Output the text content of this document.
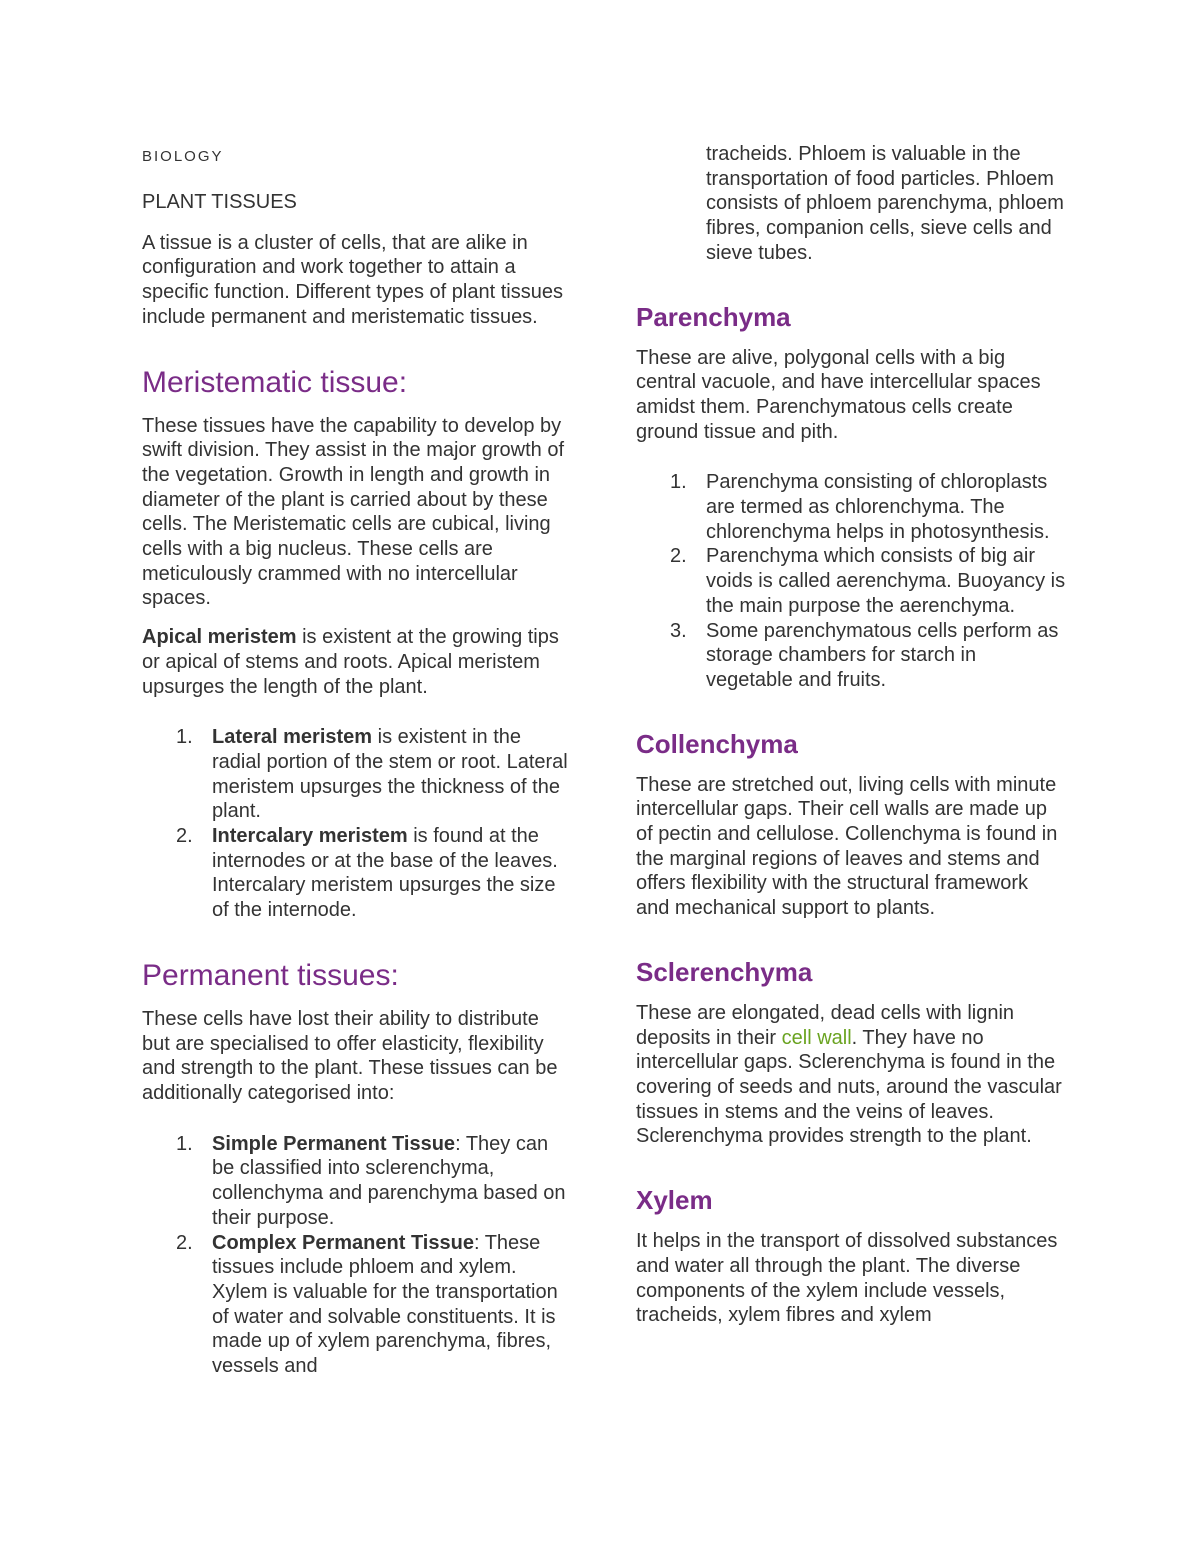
BIOLOGY

PLANT TISSUES

A tissue is a cluster of cells, that are alike in configuration and work together to attain a specific function. Different types of plant tissues include permanent and meristematic tissues.

Meristematic tissue:

These tissues have the capability to develop by swift division. They assist in the major growth of the vegetation. Growth in length and growth in diameter of the plant is carried about by these cells. The Meristematic cells are cubical, living cells with a big nucleus. These cells are meticulously crammed with no intercellular spaces.

Apical meristem is existent at the growing tips or apical of stems and roots. Apical meristem upsurges the length of the plant.

1. Lateral meristem is existent in the radial portion of the stem or root. Lateral meristem upsurges the thickness of the plant.
2. Intercalary meristem is found at the internodes or at the base of the leaves. Intercalary meristem upsurges the size of the internode.
Permanent tissues:

These cells have lost their ability to distribute but are specialised to offer elasticity, flexibility and strength to the plant. These tissues can be additionally categorised into:

1. Simple Permanent Tissue: They can be classified into sclerenchyma, collenchyma and parenchyma based on their purpose.
2. Complex Permanent Tissue: These tissues include phloem and xylem. Xylem is valuable for the transportation of water and solvable constituents. It is made up of xylem parenchyma, fibres, vessels and
tracheids. Phloem is valuable in the transportation of food particles. Phloem consists of phloem parenchyma, phloem fibres, companion cells, sieve cells and sieve tubes.
Parenchyma

These are alive, polygonal cells with a big central vacuole, and have intercellular spaces amidst them. Parenchymatous cells create ground tissue and pith.

1. Parenchyma consisting of chloroplasts are termed as chlorenchyma. The chlorenchyma helps in photosynthesis.
2. Parenchyma which consists of big air voids is called aerenchyma. Buoyancy is the main purpose the aerenchyma.
3. Some parenchymatous cells perform as storage chambers for starch in vegetable and fruits.
Collenchyma

These are stretched out, living cells with minute intercellular gaps. Their cell walls are made up of pectin and cellulose. Collenchyma is found in the marginal regions of leaves and stems and offers flexibility with the structural framework and mechanical support to plants.

Sclerenchyma

These are elongated, dead cells with lignin deposits in their cell wall. They have no intercellular gaps. Sclerenchyma is found in the covering of seeds and nuts, around the vascular tissues in stems and the veins of leaves. Sclerenchyma provides strength to the plant.

Xylem

It helps in the transport of dissolved substances and water all through the plant. The diverse components of the xylem include vessels, tracheids, xylem fibres and xylem
